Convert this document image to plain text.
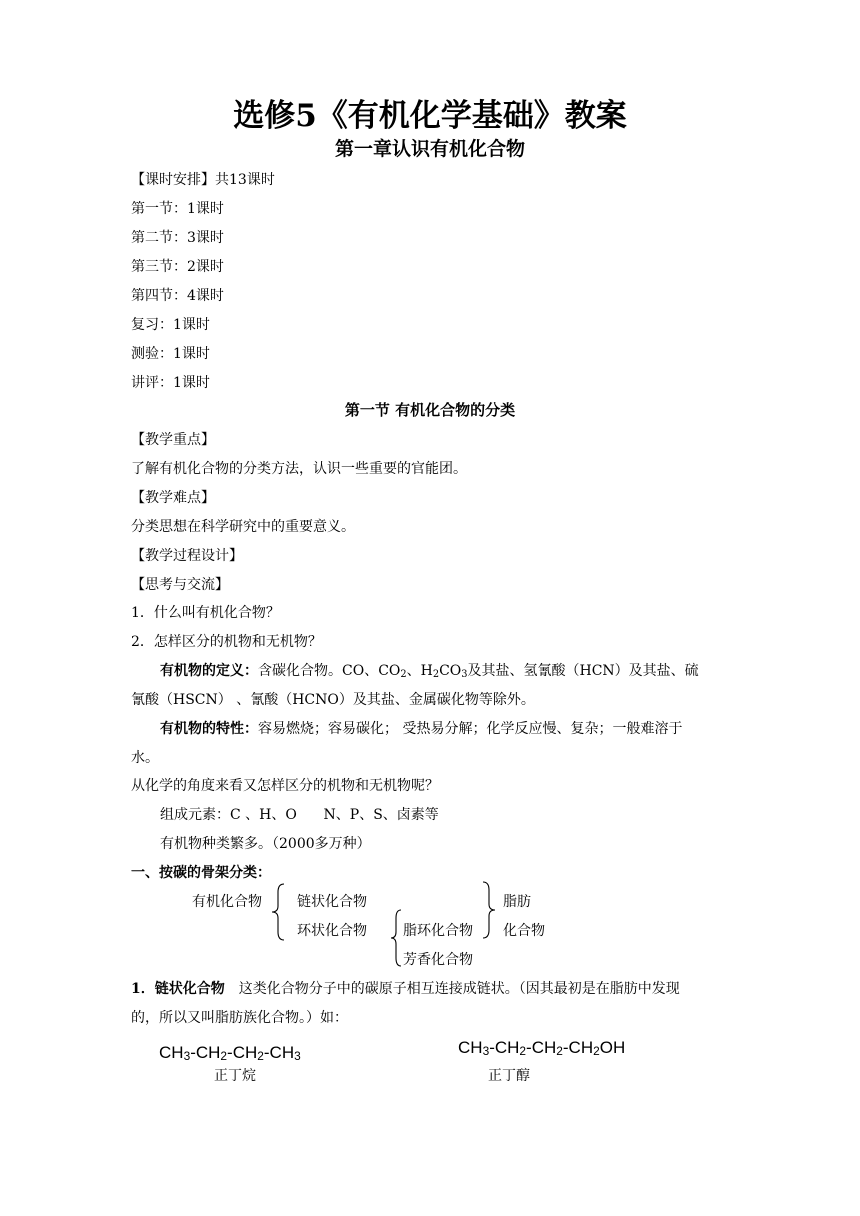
选修5《有机化学基础》教案
第一章认识有机化合物
【课时安排】共13课时
第一节：1课时
第二节：3课时
第三节：2课时
第四节：4课时
复习：1课时
测验：1课时
讲评：1课时
第一节 有机化合物的分类
【教学重点】
了解有机化合物的分类方法，认识一些重要的官能团。
【教学难点】
分类思想在科学研究中的重要意义。
【教学过程设计】
【思考与交流】
1．什么叫有机化合物？
2．怎样区分的机物和无机物？
有机物的定义：含碳化合物。CO、$CO_2$、$H_2CO_3$及其盐、氢氰酸（HCN）及其盐、硫
氰酸（HSCN） 、氰酸（HCNO）及其盐、金属碳化物等除外。
有机物的特性：容易燃烧；容易碳化； 受热易分解；化学反应慢、复杂；一般难溶于
水。
从化学的角度来看又怎样区分的机物和无机物呢？
组成元素：C 、H、O      N、P、S、卤素等
有机物种类繁多。（2000多万种）
一、按碳的骨架分类：
有机化合物	链状化合物
环状化合物	脂环化合物
芳香化合物
脂肪
化合物
1．链状化合物 这类化合物分子中的碳原子相互连接成链状。（因其最初是在脂肪中发现
的，所以又叫脂肪族化合物。）如：
$CH_3-CH_2-CH_2-CH_3$
正丁烷
$CH_3-CH_2-CH_2-CH_2OH$
正丁醇
